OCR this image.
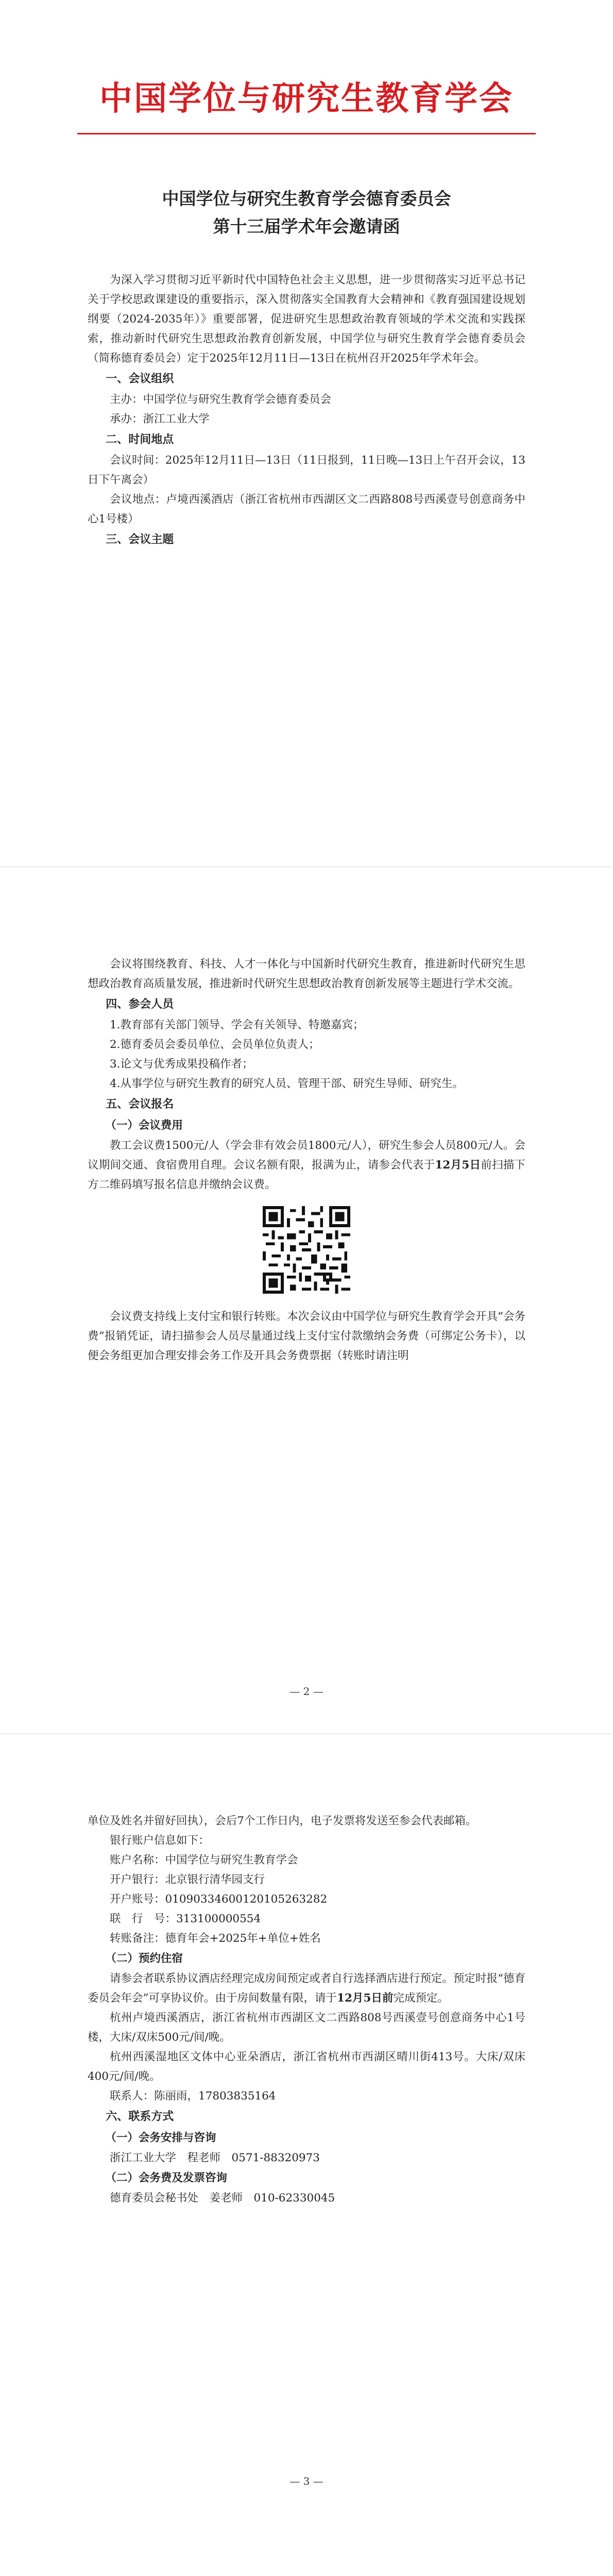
中国学位与研究生教育学会
中国学位与研究生教育学会德育委员会
第十三届学术年会邀请函

为深入学习贯彻习近平新时代中国特色社会主义思想，进一步贯彻落实习近平总书记关于学校思政课建设的重要指示，深入贯彻落实全国教育大会精神和《教育强国建设规划纲要（2024-2035年）》重要部署，促进研究生思想政治教育领域的学术交流和实践探索，推动新时代研究生思想政治教育创新发展，中国学位与研究生教育学会德育委员会（简称德育委员会）定于2025年12月11日—13日在杭州召开2025年学术年会。

一、会议组织

主办：中国学位与研究生教育学会德育委员会

承办：浙江工业大学

二、时间地点

会议时间：2025年12月11日—13日（11日报到，11日晚—13日上午召开会议，13日下午离会）

会议地点：卢境西溪酒店（浙江省杭州市西湖区文二西路808号西溪壹号创意商务中心1号楼）

三、会议主题

会议将围绕教育、科技、人才一体化与中国新时代研究生教育，推进新时代研究生思想政治教育高质量发展，推进新时代研究生思想政治教育创新发展等主题进行学术交流。

四、参会人员

1.教育部有关部门领导、学会有关领导、特邀嘉宾；

2.德育委员会委员单位、会员单位负责人；

3.论文与优秀成果投稿作者；

4.从事学位与研究生教育的研究人员、管理干部、研究生导师、研究生。

五、会议报名

（一）会议费用

教工会议费1500元/人（学会非有效会员1800元/人），研究生参会人员800元/人。会议期间交通、食宿费用自理。会议名额有限，报满为止，请参会代表于12月5日前扫描下方二维码填写报名信息并缴纳会议费。

会议费支持线上支付宝和银行转账。本次会议由中国学位与研究生教育学会开具“会务费”报销凭证，请扫描参会人员尽量通过线上支付宝付款缴纳会务费（可绑定公务卡），以便会务组更加合理安排会务工作及开具会务费票据（转账时请注明

— 2 —

单位及姓名并留好回执），会后7个工作日内，电子发票将发送至参会代表邮箱。

银行账户信息如下：

账户名称：中国学位与研究生教育学会

开户银行：北京银行清华园支行

开户账号：01090334600120105263282

联　行　号：313100000554

转账备注：德育年会+2025年+单位+姓名

（二）预约住宿

请参会者联系协议酒店经理完成房间预定或者自行选择酒店进行预定。预定时报“德育委员会年会”可享协议价。由于房间数量有限，请于12月5日前完成预定。

杭州卢境西溪酒店，浙江省杭州市西湖区文二西路808号西溪壹号创意商务中心1号楼，大床/双床500元/间/晚。

杭州西溪湿地区文体中心亚朵酒店，浙江省杭州市西湖区晴川街413号。大床/双床400元/间/晚。

联系人：陈丽雨，17803835164

六、联系方式

（一）会务安排与咨询

浙江工业大学　程老师　0571-88320973

（二）会务费及发票咨询

德育委员会秘书处　姜老师　010-62330045

— 3 —
